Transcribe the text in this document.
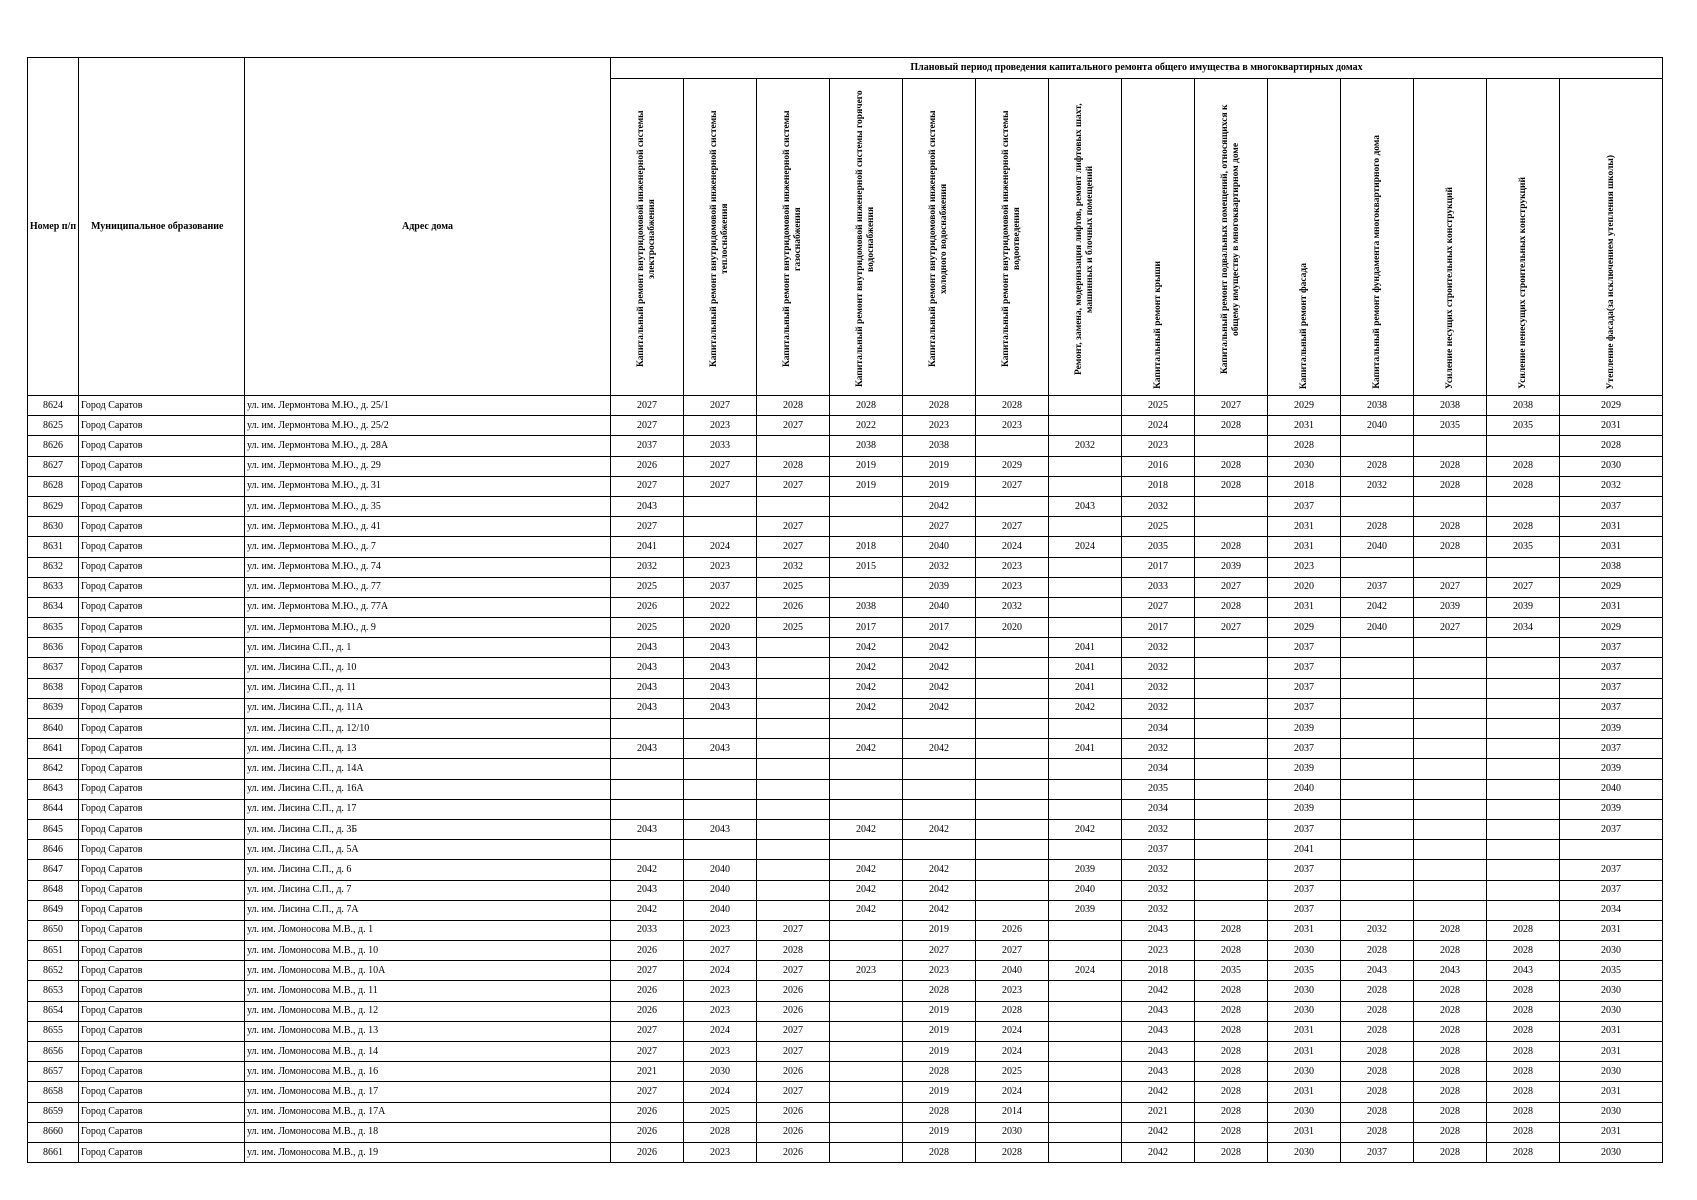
Номер п/п	Муниципальное образование	Адрес дома	Плановый период проведения капитального ремонта общего имущества в многоквартирных домах													

			Капитальный ремонт внутридомовой инженерной системы электроснабжения	Капитальный ремонт внутридомовой инженерной системы теплоснабжения	Капитальный ремонт внутридомовой инженерной системы газоснабжения	Капитальный ремонт внутридомовой инженерной системы горячего водоснабжения	Капитальный ремонт внутридомовой инженерной системы холодного водоснабжения	Капитальный ремонт внутридомовой инженерной системы водоотведения	Ремонт, замена, модернизация лифтов, ремонт лифтовых шахт, машинных и блочных помещений	Капитальный ремонт крыши	Капитальный ремонт подвальных помещений, относящихся к общему имуществу в многоквартирном доме	Капитальный ремонт фасада	Капитальный ремонт фундамента многоквартирного дома	Усиление несущих строительных конструкций	Усиление ненесущих строительных конструкций	Утепление фасада(за исключением утепления школы)

8624	Город Саратов	ул. им. Лермонтова М.Ю., д. 25/1	2027	2027	2028	2028	2028	2028		2025	2027	2029	2038	2038	2038	2029
8625	Город Саратов	ул. им. Лермонтова М.Ю., д. 25/2	2027	2023	2027	2022	2023	2023		2024	2028	2031	2040	2035	2035	2031
8626	Город Саратов	ул. им. Лермонтова М.Ю., д. 28А	2037	2033		2038	2038		2032	2023		2028				2028
8627	Город Саратов	ул. им. Лермонтова М.Ю., д. 29	2026	2027	2028	2019	2019	2029		2016	2028	2030	2028	2028	2028	2030
8628	Город Саратов	ул. им. Лермонтова М.Ю., д. 31	2027	2027	2027	2019	2019	2027		2018	2028	2018	2032	2028	2028	2032
8629	Город Саратов	ул. им. Лермонтова М.Ю., д. 35	2043				2042		2043	2032		2037				2037
8630	Город Саратов	ул. им. Лермонтова М.Ю., д. 41	2027		2027		2027	2027		2025		2031	2028	2028	2028	2031
8631	Город Саратов	ул. им. Лермонтова М.Ю., д. 7	2041	2024	2027	2018	2040	2024	2024	2035	2028	2031	2040	2028	2035	2031
8632	Город Саратов	ул. им. Лермонтова М.Ю., д. 74	2032	2023	2032	2015	2032	2023		2017	2039	2023				2038
8633	Город Саратов	ул. им. Лермонтова М.Ю., д. 77	2025	2037	2025		2039	2023		2033	2027	2020	2037	2027	2027	2029
8634	Город Саратов	ул. им. Лермонтова М.Ю., д. 77А	2026	2022	2026	2038	2040	2032		2027	2028	2031	2042	2039	2039	2031
8635	Город Саратов	ул. им. Лермонтова М.Ю., д. 9	2025	2020	2025	2017	2017	2020		2017	2027	2029	2040	2027	2034	2029
8636	Город Саратов	ул. им. Лисина С.П., д. 1	2043	2043		2042	2042		2041	2032		2037				2037
8637	Город Саратов	ул. им. Лисина С.П., д. 10	2043	2043		2042	2042		2041	2032		2037				2037
8638	Город Саратов	ул. им. Лисина С.П., д. 11	2043	2043		2042	2042		2041	2032		2037				2037
8639	Город Саратов	ул. им. Лисина С.П., д. 11А	2043	2043		2042	2042		2042	2032		2037				2037
8640	Город Саратов	ул. им. Лисина С.П., д. 12/10								2034		2039				2039
8641	Город Саратов	ул. им. Лисина С.П., д. 13	2043	2043		2042	2042		2041	2032		2037				2037
8642	Город Саратов	ул. им. Лисина С.П., д. 14А								2034		2039				2039
8643	Город Саратов	ул. им. Лисина С.П., д. 16А								2035		2040				2040
8644	Город Саратов	ул. им. Лисина С.П., д. 17								2034		2039				2039
8645	Город Саратов	ул. им. Лисина С.П., д. 3Б	2043	2043		2042	2042		2042	2032		2037				2037
8646	Город Саратов	ул. им. Лисина С.П., д. 5А								2037		2041				
8647	Город Саратов	ул. им. Лисина С.П., д. 6	2042	2040		2042	2042		2039	2032		2037				2037
8648	Город Саратов	ул. им. Лисина С.П., д. 7	2043	2040		2042	2042		2040	2032		2037				2037
8649	Город Саратов	ул. им. Лисина С.П., д. 7А	2042	2040		2042	2042		2039	2032		2037				2034
8650	Город Саратов	ул. им. Ломоносова М.В., д. 1	2033	2023	2027		2019	2026		2043	2028	2031	2032	2028	2028	2031
8651	Город Саратов	ул. им. Ломоносова М.В., д. 10	2026	2027	2028		2027	2027		2023	2028	2030	2028	2028	2028	2030
8652	Город Саратов	ул. им. Ломоносова М.В., д. 10А	2027	2024	2027	2023	2023	2040	2024	2018	2035	2035	2043	2043	2043	2035
8653	Город Саратов	ул. им. Ломоносова М.В., д. 11	2026	2023	2026		2028	2023		2042	2028	2030	2028	2028	2028	2030
8654	Город Саратов	ул. им. Ломоносова М.В., д. 12	2026	2023	2026		2019	2028		2043	2028	2030	2028	2028	2028	2030
8655	Город Саратов	ул. им. Ломоносова М.В., д. 13	2027	2024	2027		2019	2024		2043	2028	2031	2028	2028	2028	2031
8656	Город Саратов	ул. им. Ломоносова М.В., д. 14	2027	2023	2027		2019	2024		2043	2028	2031	2028	2028	2028	2031
8657	Город Саратов	ул. им. Ломоносова М.В., д. 16	2021	2030	2026		2028	2025		2043	2028	2030	2028	2028	2028	2030
8658	Город Саратов	ул. им. Ломоносова М.В., д. 17	2027	2024	2027		2019	2024		2042	2028	2031	2028	2028	2028	2031
8659	Город Саратов	ул. им. Ломоносова М.В., д. 17А	2026	2025	2026		2028	2014		2021	2028	2030	2028	2028	2028	2030
8660	Город Саратов	ул. им. Ломоносова М.В., д. 18	2026	2028	2026		2019	2030		2042	2028	2031	2028	2028	2028	2031
8661	Город Саратов	ул. им. Ломоносова М.В., д. 19	2026	2023	2026		2028	2028		2042	2028	2030	2037	2028	2028	2030
